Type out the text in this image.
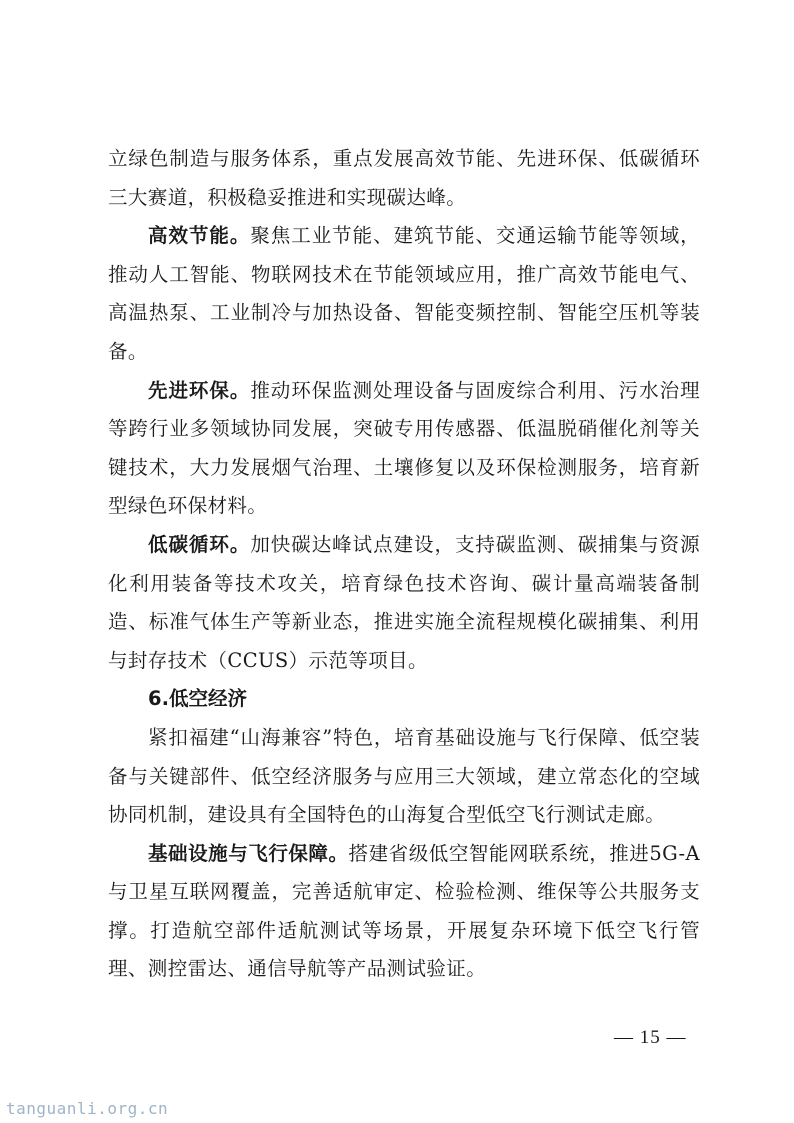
立绿色制造与服务体系，重点发展高效节能、先进环保、低碳循环三大赛道，积极稳妥推进和实现碳达峰。

高效节能。聚焦工业节能、建筑节能、交通运输节能等领域，推动人工智能、物联网技术在节能领域应用，推广高效节能电气、高温热泵、工业制冷与加热设备、智能变频控制、智能空压机等装备。

先进环保。推动环保监测处理设备与固废综合利用、污水治理等跨行业多领域协同发展，突破专用传感器、低温脱硝催化剂等关键技术，大力发展烟气治理、土壤修复以及环保检测服务，培育新型绿色环保材料。

低碳循环。加快碳达峰试点建设，支持碳监测、碳捕集与资源化利用装备等技术攻关，培育绿色技术咨询、碳计量高端装备制造、标准气体生产等新业态，推进实施全流程规模化碳捕集、利用与封存技术（CCUS）示范等项目。

6.低空经济

紧扣福建“山海兼容”特色，培育基础设施与飞行保障、低空装备与关键部件、低空经济服务与应用三大领域，建立常态化的空域协同机制，建设具有全国特色的山海复合型低空飞行测试走廊。

基础设施与飞行保障。搭建省级低空智能网联系统，推进5G-A与卫星互联网覆盖，完善适航审定、检验检测、维保等公共服务支撑。打造航空部件适航测试等场景，开展复杂环境下低空飞行管理、测控雷达、通信导航等产品测试验证。

— 15 —
tanguanli.org.cn
